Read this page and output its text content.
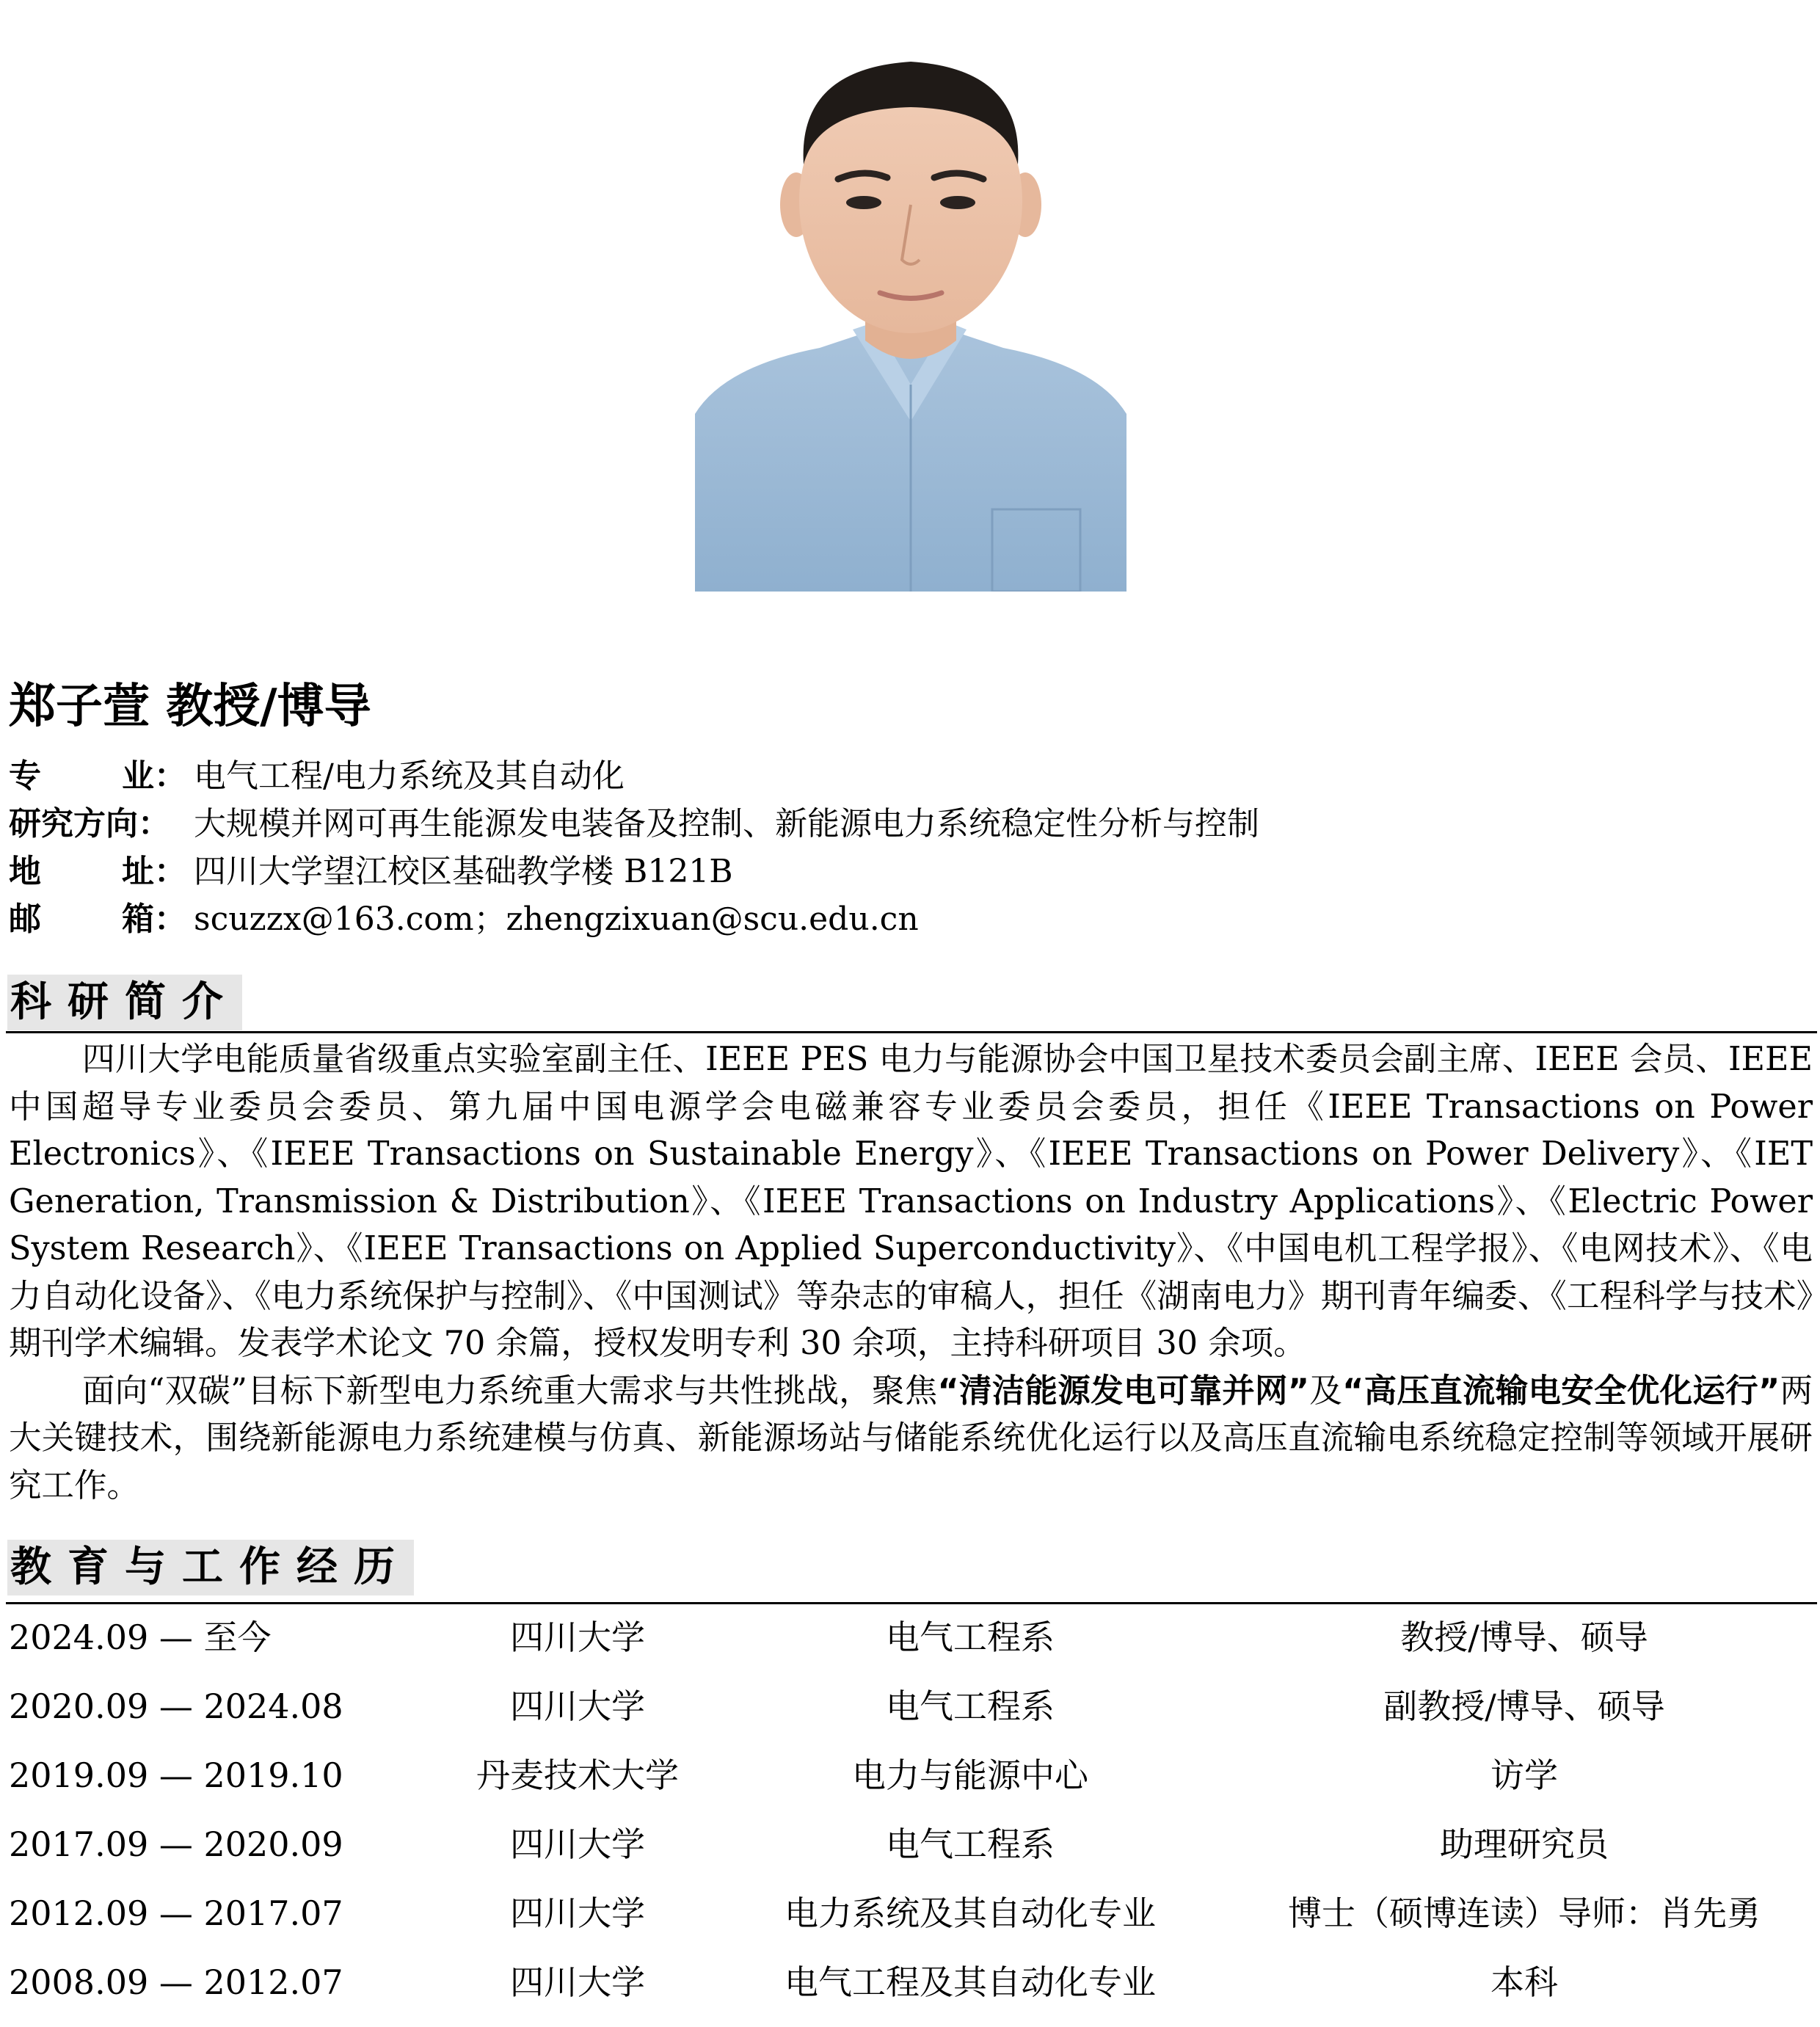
郑子萱 教授/博导
专	业： 电气工程/电力系统及其自动化
研究方向： 大规模并网可再生能源发电装备及控制、新能源电力系统稳定性分析与控制
地	址： 四川大学望江校区基础教学楼 B121B
邮	箱： scuzzx@163.com；zhengzixuan@scu.edu.cn
科研简介

四川大学电能质量省级重点实验室副主任、IEEE PES 电力与能源协会中国卫星技术委员会副主席、IEEE 会员、IEEE 中国超导专业委员会委员、第九届中国电源学会电磁兼容专业委员会委员，担任《IEEE Transactions on Power Electronics》、《IEEE Transactions on Sustainable Energy》、《IEEE Transactions on Power Delivery》、《IET Generation, Transmission & Distribution》、《IEEE Transactions on Industry Applications》、《Electric Power System Research》、《IEEE Transactions on Applied Superconductivity》、《中国电机工程学报》、《电网技术》、《电力自动化设备》、《电力系统保护与控制》、《中国测试》等杂志的审稿人，担任《湖南电力》期刊青年编委、《工程科学与技术》期刊学术编辑。发表学术论文 70 余篇，授权发明专利 30 余项，主持科研项目 30 余项。

面向“双碳”目标下新型电力系统重大需求与共性挑战，聚焦“清洁能源发电可靠并网”及“高压直流输电安全优化运行”两大关键技术，围绕新能源电力系统建模与仿真、新能源场站与储能系统优化运行以及高压直流输电系统稳定控制等领域开展研究工作。

教育与工作经历
2024.09 — 至今	四川大学	电气工程系	教授/博导、硕导
2020.09 — 2024.08	四川大学	电气工程系	副教授/博导、硕导
2019.09 — 2019.10	丹麦技术大学	电力与能源中心	访学
2017.09 — 2020.09	四川大学	电气工程系	助理研究员
2012.09 — 2017.07	四川大学	电力系统及其自动化专业	博士（硕博连读）导师：肖先勇
2008.09 — 2012.07	四川大学	电气工程及其自动化专业	本科
